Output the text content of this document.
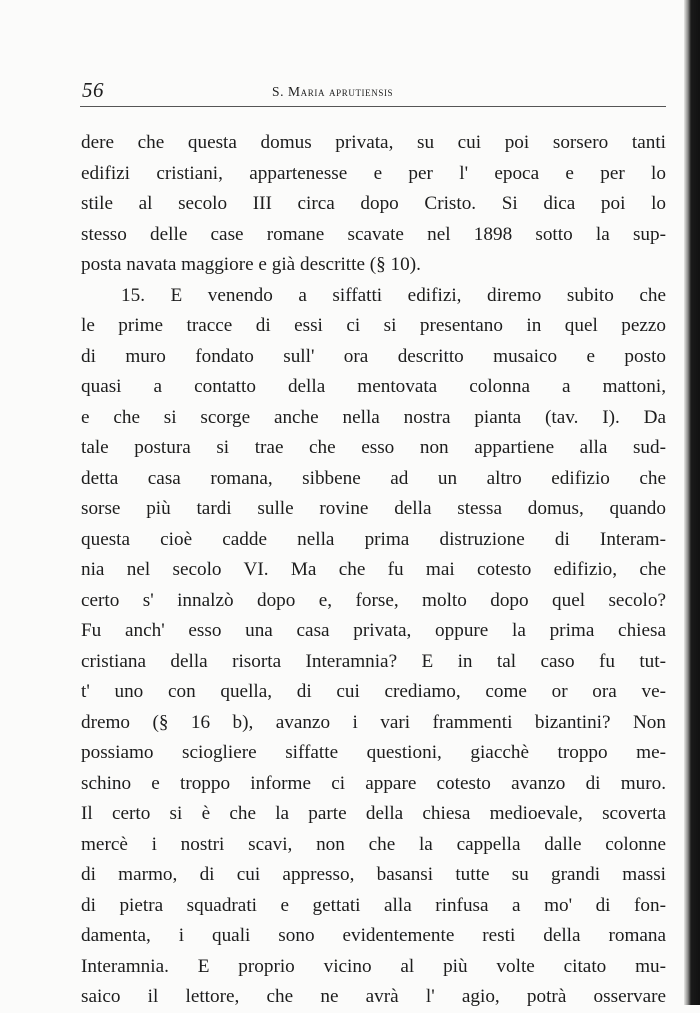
56	S. Maria aprutiensis
dere che questa domus privata, su cui poi sorsero tanti
edifizi cristiani, appartenesse e per l' epoca e per lo
stile al secolo III circa dopo Cristo. Si dica poi lo
stesso delle case romane scavate nel 1898 sotto la sup-
posta navata maggiore e già descritte (§ 10).
15. E venendo a siffatti edifizi, diremo subito che
le prime tracce di essi ci si presentano in quel pezzo
di muro fondato sull' ora descritto musaico e posto
quasi a contatto della mentovata colonna a mattoni,
e che si scorge anche nella nostra pianta (tav. I). Da
tale postura si trae che esso non appartiene alla sud-
detta casa romana, sibbene ad un altro edifizio che
sorse più tardi sulle rovine della stessa domus, quando
questa cioè cadde nella prima distruzione di Interam-
nia nel secolo VI. Ma che fu mai cotesto edifizio, che
certo s' innalzò dopo e, forse, molto dopo quel secolo?
Fu anch' esso una casa privata, oppure la prima chiesa
cristiana della risorta Interamnia? E in tal caso fu tut-
t' uno con quella, di cui crediamo, come or ora ve-
dremo (§ 16 b), avanzo i vari frammenti bizantini? Non
possiamo sciogliere siffatte questioni, giacchè troppo me-
schino e troppo informe ci appare cotesto avanzo di muro.
Il certo si è che la parte della chiesa medioevale, scoverta
mercè i nostri scavi, non che la cappella dalle colonne
di marmo, di cui appresso, basansi tutte su grandi massi
di pietra squadrati e gettati alla rinfusa a mo' di fon-
damenta, i quali sono evidentemente resti della romana
Interamnia. E proprio vicino al più volte citato mu-
saico il lettore, che ne avrà l' agio, potrà osservare
